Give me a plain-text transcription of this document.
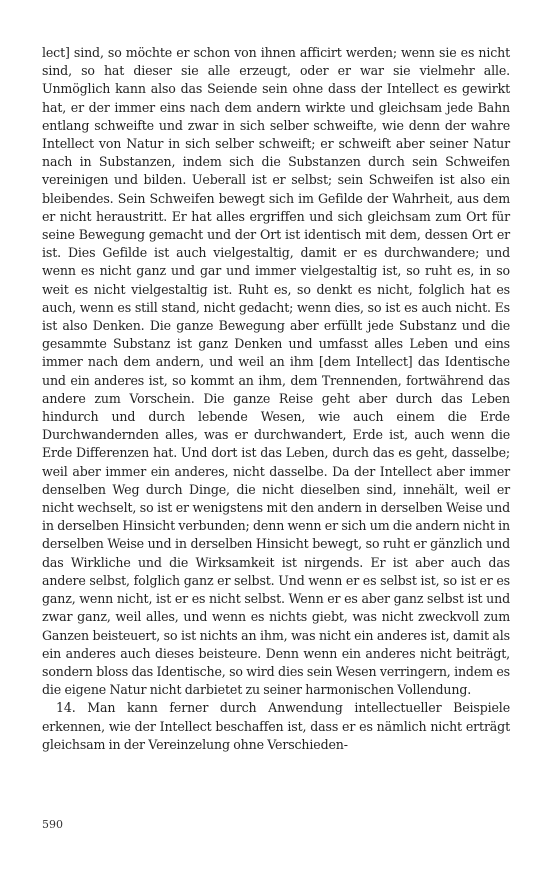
lect] sind, so möchte er schon von ihnen afficirt werden; wenn sie es nicht sind, so hat dieser sie alle erzeugt, oder er war sie vielmehr alle. Unmöglich kann also das Seiende sein ohne dass der Intellect es gewirkt hat, er der immer eins nach dem andern wirkte und gleichsam jede Bahn entlang schweifte und zwar in sich selber schweifte, wie denn der wahre Intellect von Natur in sich selber schweift; er schweift aber seiner Natur nach in Substanzen, indem sich die Substanzen durch sein Schweifen vereinigen und bilden. Ueberall ist er selbst; sein Schweifen ist also ein bleibendes. Sein Schweifen bewegt sich im Gefilde der Wahrheit, aus dem er nicht heraustritt. Er hat alles ergriffen und sich gleichsam zum Ort für seine Bewegung gemacht und der Ort ist identisch mit dem, dessen Ort er ist. Dies Gefilde ist auch vielgestaltig, damit er es durchwandere; und wenn es nicht ganz und gar und immer vielgestaltig ist, so ruht es, in so weit es nicht vielgestaltig ist. Ruht es, so denkt es nicht, folglich hat es auch, wenn es still stand, nicht gedacht; wenn dies, so ist es auch nicht. Es ist also Denken. Die ganze Bewegung aber erfüllt jede Substanz und die gesammte Substanz ist ganz Denken und umfasst alles Leben und eins immer nach dem andern, und weil an ihm [dem Intellect] das Identische und ein anderes ist, so kommt an ihm, dem Trennenden, fortwährend das andere zum Vorschein. Die ganze Reise geht aber durch das Leben hindurch und durch lebende Wesen, wie auch einem die Erde Durchwandernden alles, was er durchwandert, Erde ist, auch wenn die Erde Differenzen hat. Und dort ist das Leben, durch das es geht, dasselbe; weil aber immer ein anderes, nicht dasselbe. Da der Intellect aber immer denselben Weg durch Dinge, die nicht dieselben sind, innehält, weil er nicht wechselt, so ist er wenigstens mit den andern in derselben Weise und in derselben Hinsicht verbunden; denn wenn er sich um die andern nicht in derselben Weise und in derselben Hinsicht bewegt, so ruht er gänzlich und das Wirkliche und die Wirksamkeit ist nirgends. Er ist aber auch das andere selbst, folglich ganz er selbst. Und wenn er es selbst ist, so ist er es ganz, wenn nicht, ist er es nicht selbst. Wenn er es aber ganz selbst ist und zwar ganz, weil alles, und wenn es nichts giebt, was nicht zweckvoll zum Ganzen beisteuert, so ist nichts an ihm, was nicht ein anderes ist, damit als ein anderes auch dieses beisteure. Denn wenn ein anderes nicht beiträgt, sondern bloss das Identische, so wird dies sein Wesen verringern, indem es die eigene Natur nicht darbietet zu seiner harmonischen Vollendung.

14. Man kann ferner durch Anwendung intellectueller Beispiele erkennen, wie der Intellect beschaffen ist, dass er es nämlich nicht erträgt gleichsam in der Vereinzelung ohne Verschieden-

590
